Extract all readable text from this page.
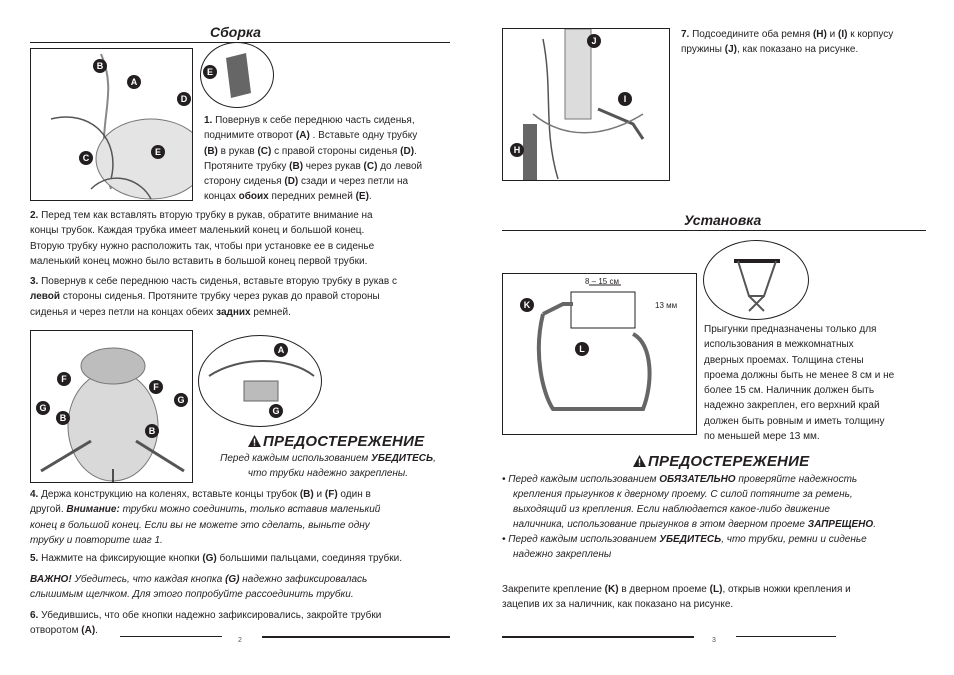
Сборка
B
A
D
C
E
E

1. Повернув к себе переднюю часть сиденья,
поднимите отворот (A) . Вставьте одну трубку
(B) в рукав (C) с правой стороны сиденья (D).
Протяните трубку (B) через рукав (C) до левой
сторону сиденья (D) сзади и через петли на
концах обоих передних ремней (E).

2. Перед тем как вставлять вторую трубку в рукав, обратите внимание на
концы трубок. Каждая трубка имеет маленький конец и большой конец.
Вторую трубку нужно расположить так, чтобы при установке ее в сиденье
маленький конец можно было вставить в большой конец первой трубки.

3. Повернув к себе переднюю часть сиденья, вставьте вторую трубку в рукав с
левой стороны сиденья. Протяните трубку через рукав до правой стороны
сиденья и через петли на концах обеих задних ремней.

F
F
G
G
B
B
A
G
ПРЕДОСТЕРЕЖЕНИЕ
Перед каждым использованием УБЕДИТЕСЬ,
что трубки надежно закреплены.

4. Держа конструкцию на коленях, вставьте концы трубок (B) и (F) один в
другой. Внимание: трубки можно соединить, только вставив маленький
конец в большой конец. Если вы не можете это сделать, выньте одну
трубку и повторите шаг 1.

5. Нажмите на фиксирующие кнопки (G) большими пальцами, соединяя трубки.

ВАЖНО! Убедитесь, что каждая кнопка (G) надежно зафиксировалась
слышимым щелчком. Для этого попробуйте рассоединить трубки.

6. Убедившись, что обе кнопки надежно зафиксировались, закройте трубки
отворотом (A).

2
J
I
H

7. Подсоедините оба ремня (H) и (I) к корпусу
пружины (J), как показано на рисунке.

Установка
8 – 15 см
13 мм
K
L

Прыгунки предназначены только для
использования в межкомнатных
дверных проемах. Толщина стены
проема должны быть не менее 8 см и не
более 15 см. Наличник должен быть
надежно закреплен, его верхний край
должен быть ровным и иметь толщину
по меньшей мере 13 мм.

ПРЕДОСТЕРЕЖЕНИЕ
• Перед каждым использованием ОБЯЗАТЕЛЬНО проверяйте надежность
крепления прыгунков к дверному проему. С силой потяните за ремень,
выходящий из крепления. Если наблюдается какое-либо движение
наличника, использование прыгунков в этом дверном проеме ЗАПРЕЩЕНО.
• Перед каждым использованием УБЕДИТЕСЬ, что трубки, ремни и сиденье
надежно закреплены

Закрепите крепление (K) в дверном проеме (L), открыв ножки крепления и
зацепив их за наличник, как показано на рисунке.

3
